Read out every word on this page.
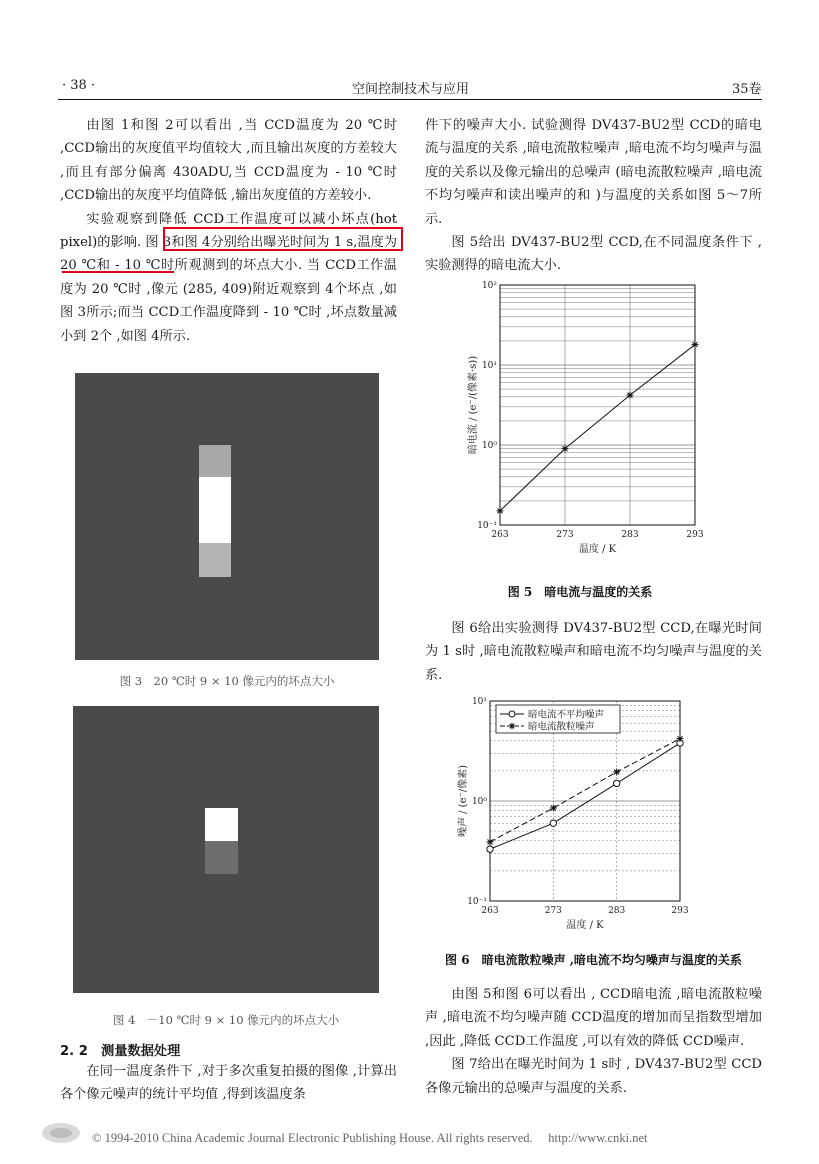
· 38 ·	空间控制技术与应用	35卷

由图 1和图 2可以看出 ,当 CCD温度为 20 ℃时 ,CCD输出的灰度值平均值较大 ,而且输出灰度的方差较大 ,而且有部分偏离 430ADU,当 CCD温度为 - 10 ℃时 ,CCD输出的灰度平均值降低 ,输出灰度值的方差较小.

实验观察到降低 CCD工作温度可以减小坏点(hot pixel)的影响. 图 3和图 4分别给出曝光时间为 1 s,温度为 20 ℃和 - 10 ℃时所观测到的坏点大小. 当 CCD工作温度为 20 ℃时 ,像元 (285, 409)附近观察到 4个坏点 ,如图 3所示;而当 CCD工作温度降到 - 10 ℃时 ,坏点数量减小到 2个 ,如图 4所示.

图 3　20 ℃时 9 × 10 像元内的坏点大小
图 4　－10 ℃时 9 × 10 像元内的坏点大小
2. 2　测量数据处理

在同一温度条件下 ,对于多次重复拍摄的图像 ,计算出各个像元噪声的统计平均值 ,得到该温度条

件下的噪声大小. 试验测得 DV437-BU2型 CCD的暗电流与温度的关系 ,暗电流散粒噪声 ,暗电流不均匀噪声与温度的关系以及像元输出的总噪声 (暗电流散粒噪声 ,暗电流不均匀噪声和读出噪声的和 )与温度的关系如图 5～7所示.

图 5给出 DV437-BU2型 CCD,在不同温度条件下 ,实验测得的暗电流大小.

263	273	283	293
10⁻¹
10⁰
10¹
10²
温度 / K
暗电流 / (e⁻/(像素·s))
图 5　暗电流与温度的关系

图 6给出实验测得 DV437-BU2型 CCD,在曝光时间为 1 s时 ,暗电流散粒噪声和暗电流不均匀噪声与温度的关系.

263	273	283	293
10⁻¹
10⁰
10¹
温度 / K
噪声 / (e⁻/像素)
暗电流不平均噪声
暗电流散粒噪声
图 6　暗电流散粒噪声 ,暗电流不均匀噪声与温度的关系

由图 5和图 6可以看出 , CCD暗电流 ,暗电流散粒噪声 ,暗电流不均匀噪声随 CCD温度的增加而呈指数型增加 ,因此 ,降低 CCD工作温度 ,可以有效的降低 CCD噪声.

图 7给出在曝光时间为 1 s时 , DV437-BU2型 CCD各像元输出的总噪声与温度的关系.

© 1994-2010 China Academic Journal Electronic Publishing House. All rights reserved.　 http://www.cnki.net
